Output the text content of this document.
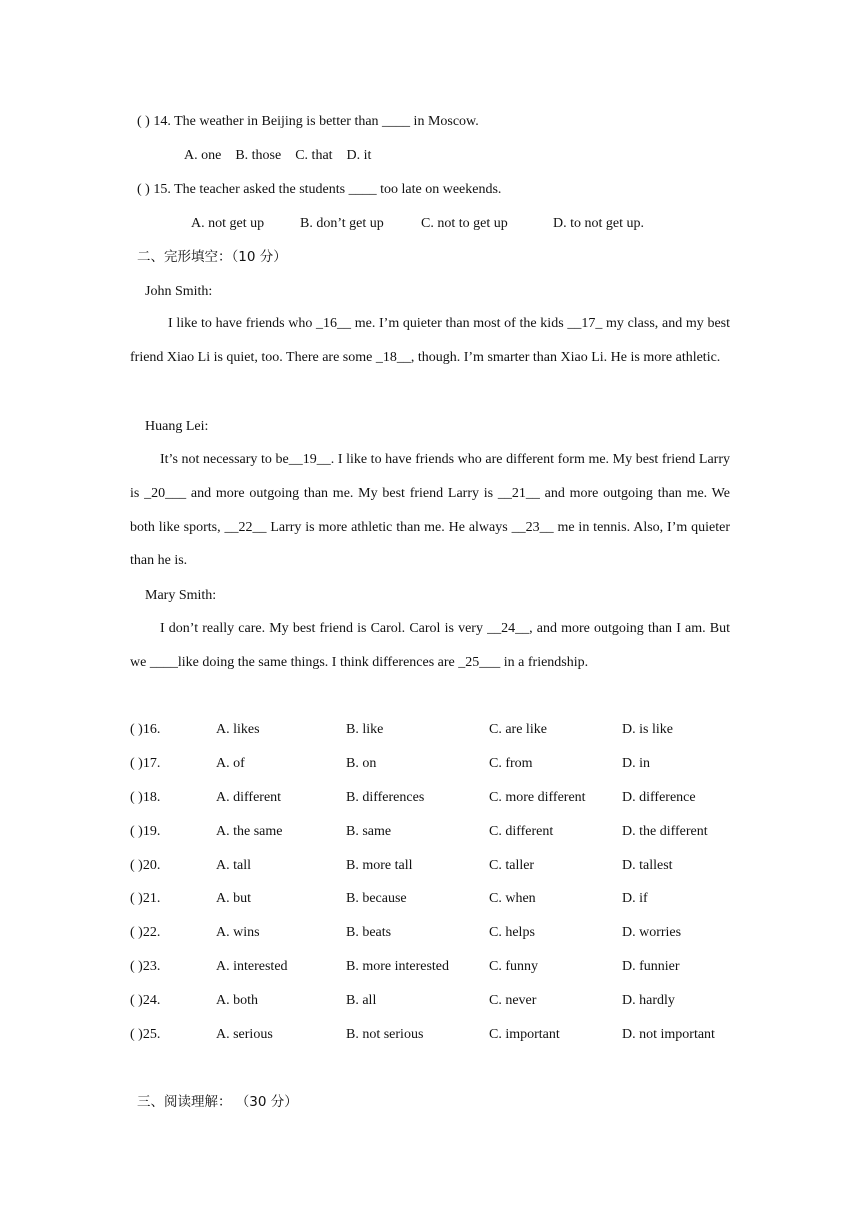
( ) 14. The weather in Beijing is better than ____ in Moscow.
A. one    B. those    C. that    D. it
( ) 15. The teacher asked the students ____ too late on weekends.
A. not get up	B. don’t get up	C. not to get up	D. to not get up.
二、完形填空：（10 分）
John Smith:
I like to have friends who _16__ me. I’m quieter than most of the kids __17_ my class, and my best friend Xiao Li is quiet, too. There are some _18__, though. I’m smarter than Xiao Li. He is more athletic.
Huang Lei:
It’s not necessary to be__19__. I like to have friends who are different form me. My best friend Larry is _20___ and more outgoing than me. My best friend Larry is __21__ and more outgoing than me. We both like sports, __22__ Larry is more athletic than me. He always __23__ me in tennis. Also, I’m quieter than he is.
Mary Smith:
I don’t really care. My best friend is Carol. Carol is very __24__, and more outgoing than I am. But we ____like doing the same things. I think differences are _25___ in a friendship.
( )16.	A. likes	B. like	C. are like	D. is like
( )17.	A. of	B. on	C. from	D. in
( )18.	A. different	B. differences	C. more different	D. difference
( )19.	A. the same	B. same	C. different	D. the different
( )20.	A. tall	B. more tall	C. taller	D. tallest
( )21.	A. but	B. because	C. when	D. if
( )22.	A. wins	B. beats	C. helps	D. worries
( )23.	A. interested	B. more interested	C. funny	D. funnier
( )24.	A. both	B. all	C. never	D. hardly
( )25.	A. serious	B. not serious	C. important	D. not important
三、阅读理解： （30 分）
